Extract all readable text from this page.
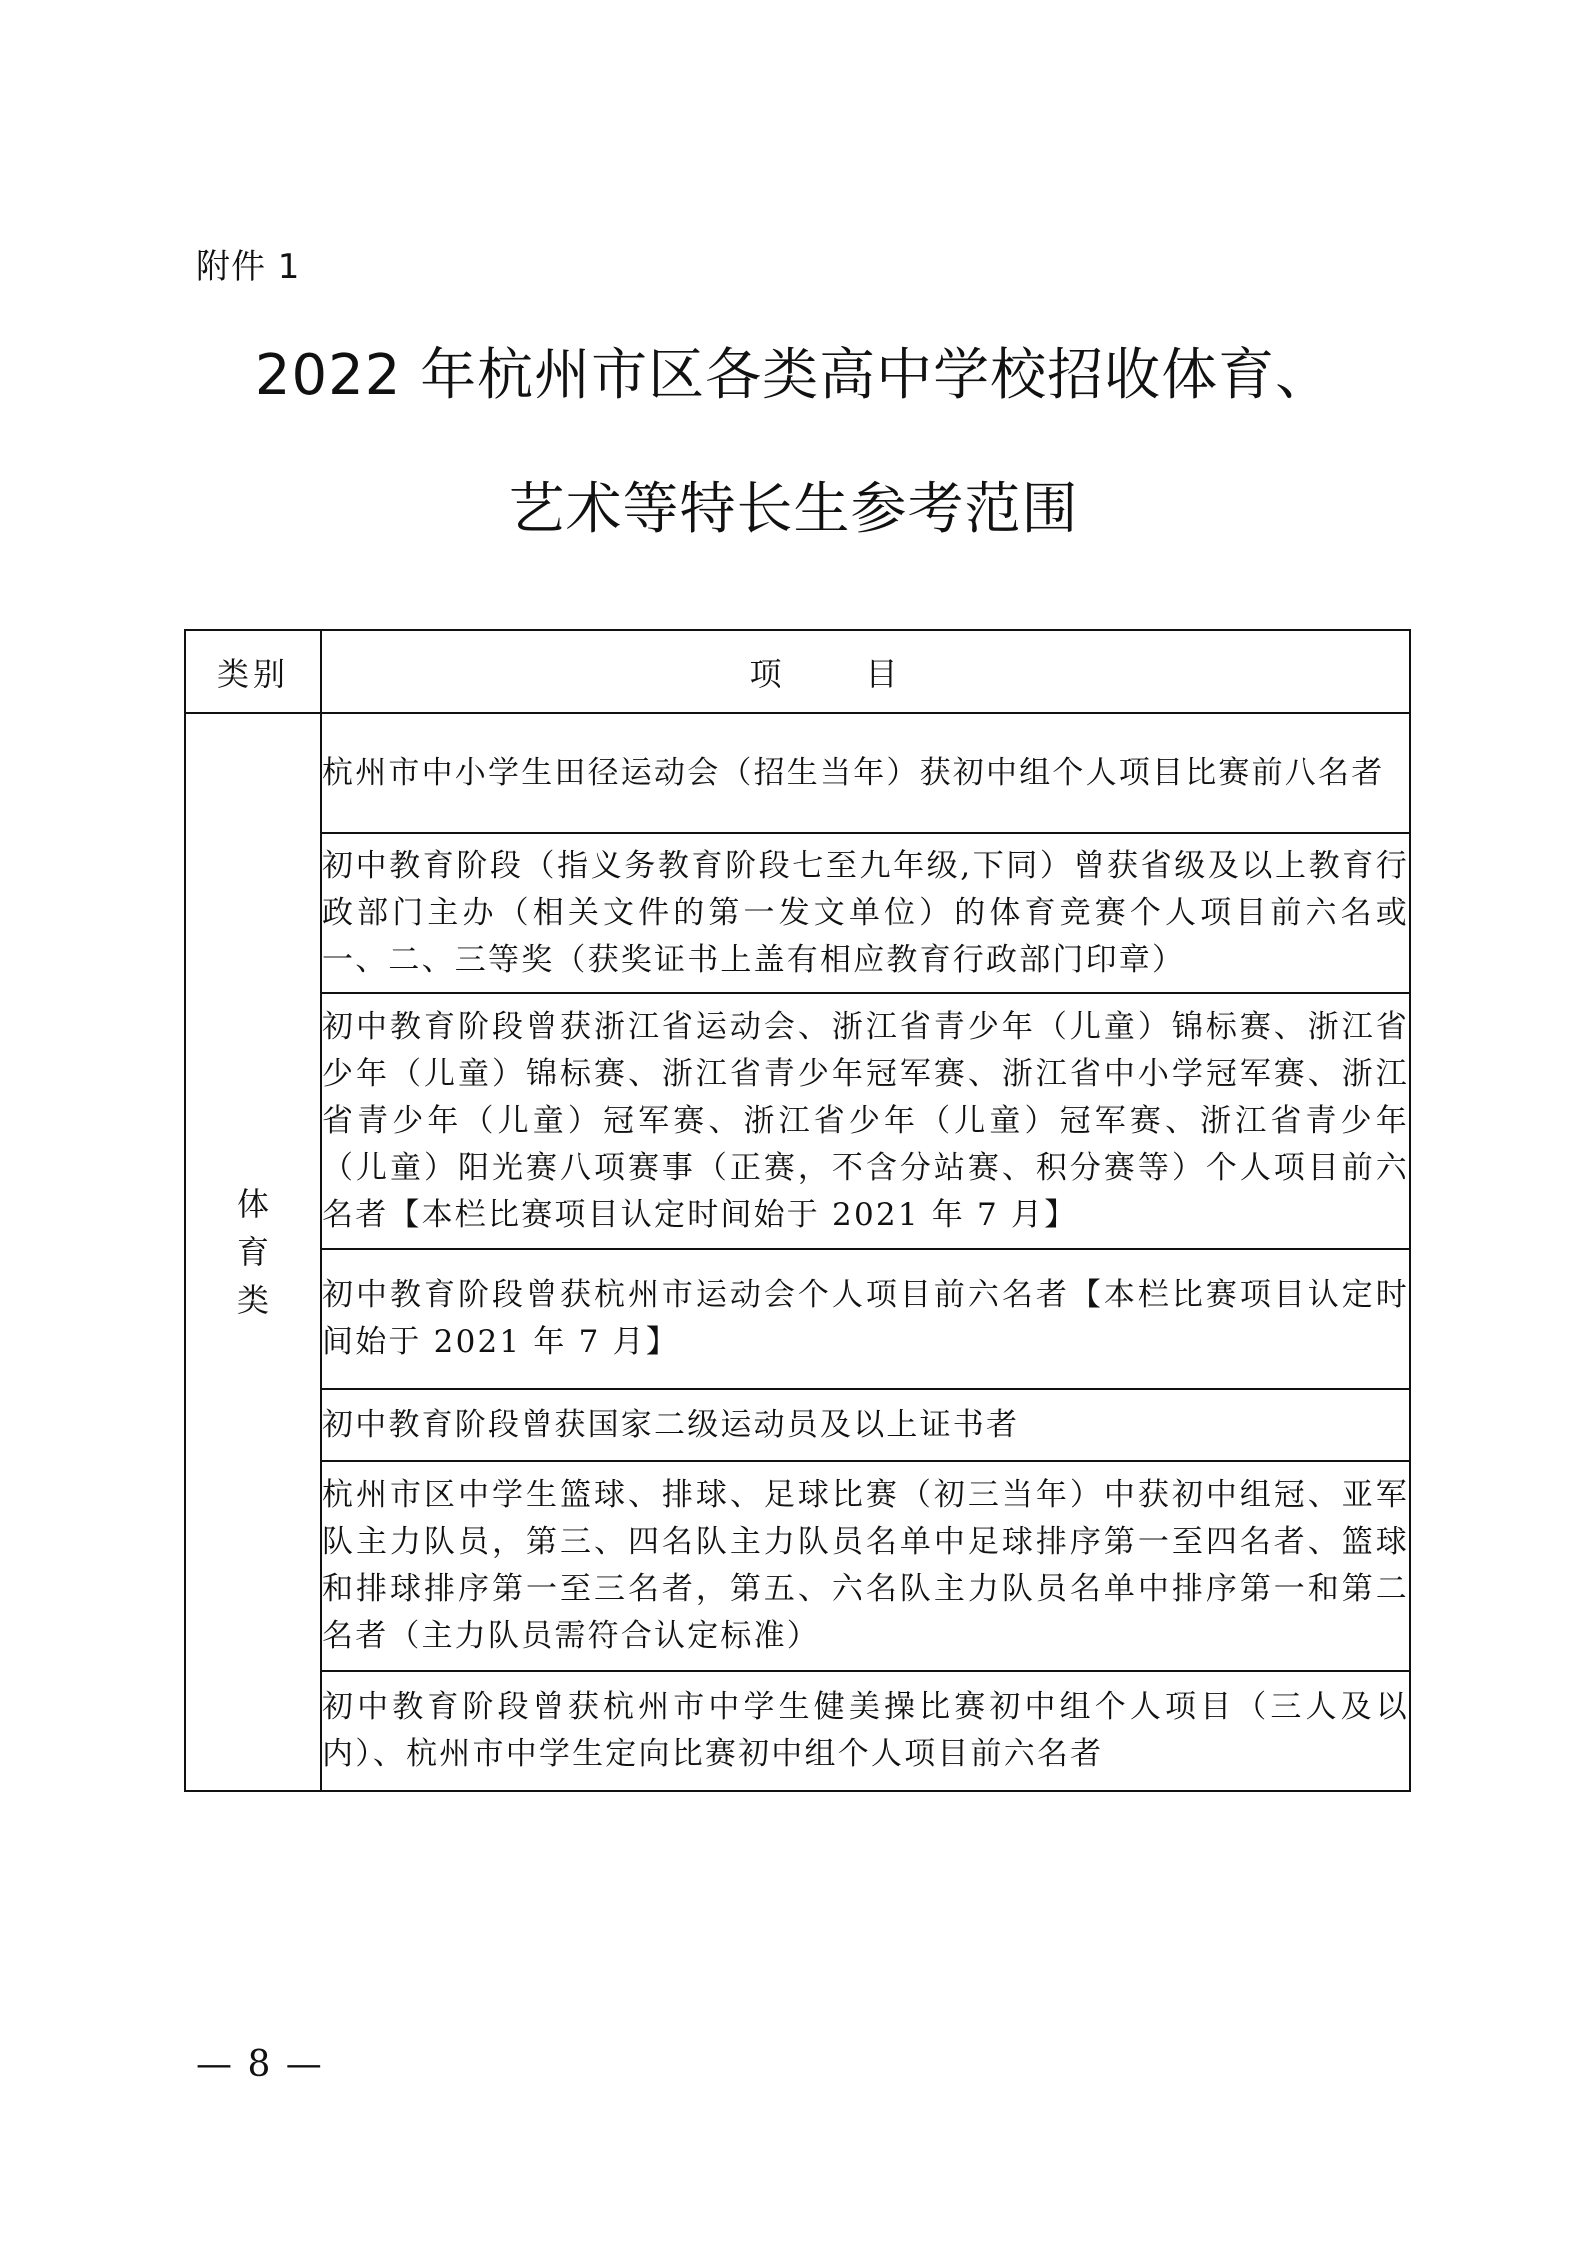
附件 1
2022 年杭州市区各类高中学校招收体育、
艺术等特长生参考范围
类别	项目

体
育
类	杭州市中小学生田径运动会（招生当年）获初中组个人项目比赛前八名者
	初中教育阶段（指义务教育阶段七至九年级,下同）曾获省级及以上教育行政部门主办（相关文件的第一发文单位）的体育竞赛个人项目前六名或一、二、三等奖（获奖证书上盖有相应教育行政部门印章）
	初中教育阶段曾获浙江省运动会、浙江省青少年（儿童）锦标赛、浙江省少年（儿童）锦标赛、浙江省青少年冠军赛、浙江省中小学冠军赛、浙江省青少年（儿童）冠军赛、浙江省少年（儿童）冠军赛、浙江省青少年（儿童）阳光赛八项赛事（正赛，不含分站赛、积分赛等）个人项目前六名者【本栏比赛项目认定时间始于 2021 年 7 月】
	初中教育阶段曾获杭州市运动会个人项目前六名者【本栏比赛项目认定时间始于 2021 年 7 月】
	初中教育阶段曾获国家二级运动员及以上证书者
	杭州市区中学生篮球、排球、足球比赛（初三当年）中获初中组冠、亚军队主力队员，第三、四名队主力队员名单中足球排序第一至四名者、篮球和排球排序第一至三名者，第五、六名队主力队员名单中排序第一和第二名者（主力队员需符合认定标准）
	初中教育阶段曾获杭州市中学生健美操比赛初中组个人项目（三人及以内）、杭州市中学生定向比赛初中组个人项目前六名者
— 8 —
